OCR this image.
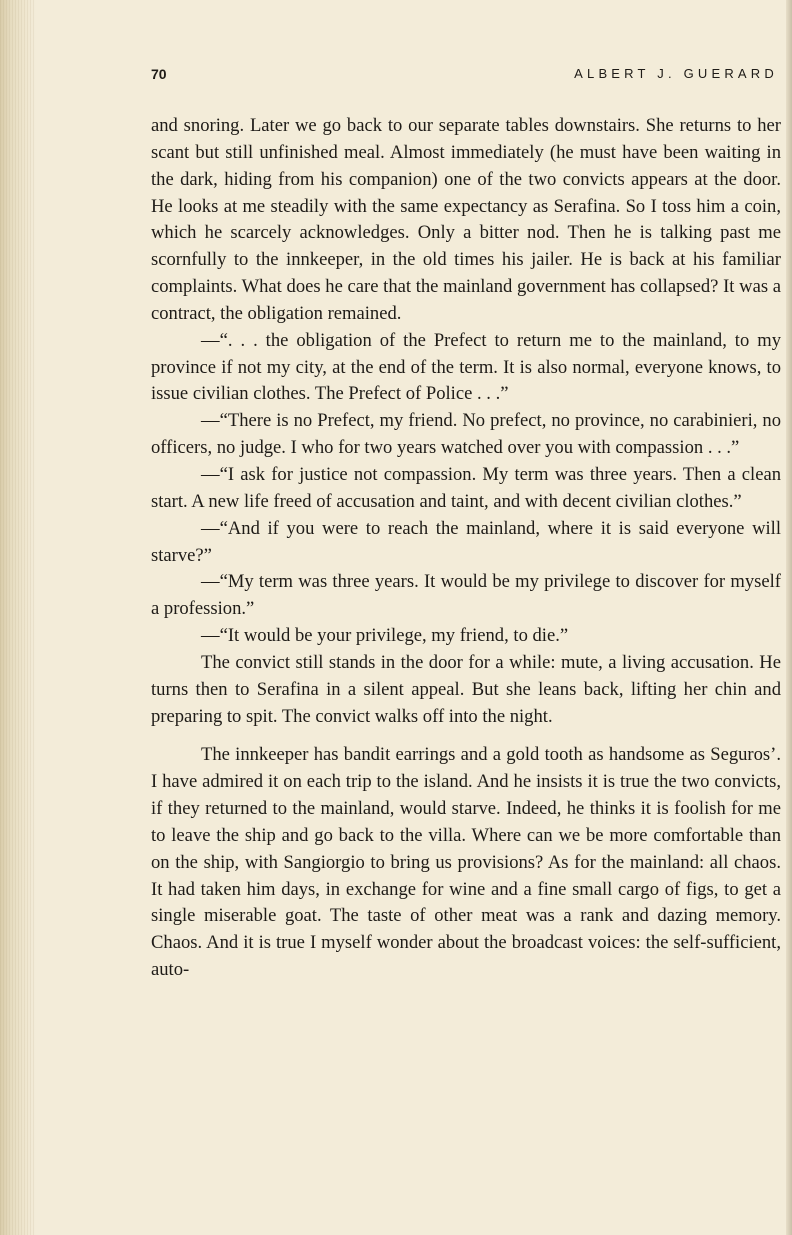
70	ALBERT J. GUERARD

and snoring. Later we go back to our separate tables downstairs. She returns to her scant but still unfinished meal. Almost immediately (he must have been waiting in the dark, hiding from his companion) one of the two convicts appears at the door. He looks at me steadily with the same expectancy as Serafina. So I toss him a coin, which he scarcely acknowledges. Only a bitter nod. Then he is talking past me scornfully to the innkeeper, in the old times his jailer. He is back at his familiar complaints. What does he care that the mainland government has collapsed? It was a contract, the obligation remained.

—“. . . the obligation of the Prefect to return me to the mainland, to my province if not my city, at the end of the term. It is also normal, everyone knows, to issue civilian clothes. The Prefect of Police . . .”

—“There is no Prefect, my friend. No prefect, no province, no carabinieri, no officers, no judge. I who for two years watched over you with compassion . . .”

—“I ask for justice not compassion. My term was three years. Then a clean start. A new life freed of accusation and taint, and with decent civilian clothes.”

—“And if you were to reach the mainland, where it is said everyone will starve?”

—“My term was three years. It would be my privilege to discover for myself a profession.”

—“It would be your privilege, my friend, to die.”

The convict still stands in the door for a while: mute, a living accusation. He turns then to Serafina in a silent appeal. But she leans back, lifting her chin and preparing to spit. The convict walks off into the night.

The innkeeper has bandit earrings and a gold tooth as handsome as Seguros’. I have admired it on each trip to the island. And he insists it is true the two convicts, if they returned to the mainland, would starve. Indeed, he thinks it is foolish for me to leave the ship and go back to the villa. Where can we be more comfortable than on the ship, with Sangiorgio to bring us provisions? As for the mainland: all chaos. It had taken him days, in exchange for wine and a fine small cargo of figs, to get a single miserable goat. The taste of other meat was a rank and dazing memory. Chaos. And it is true I myself wonder about the broadcast voices: the self-sufficient, auto-
